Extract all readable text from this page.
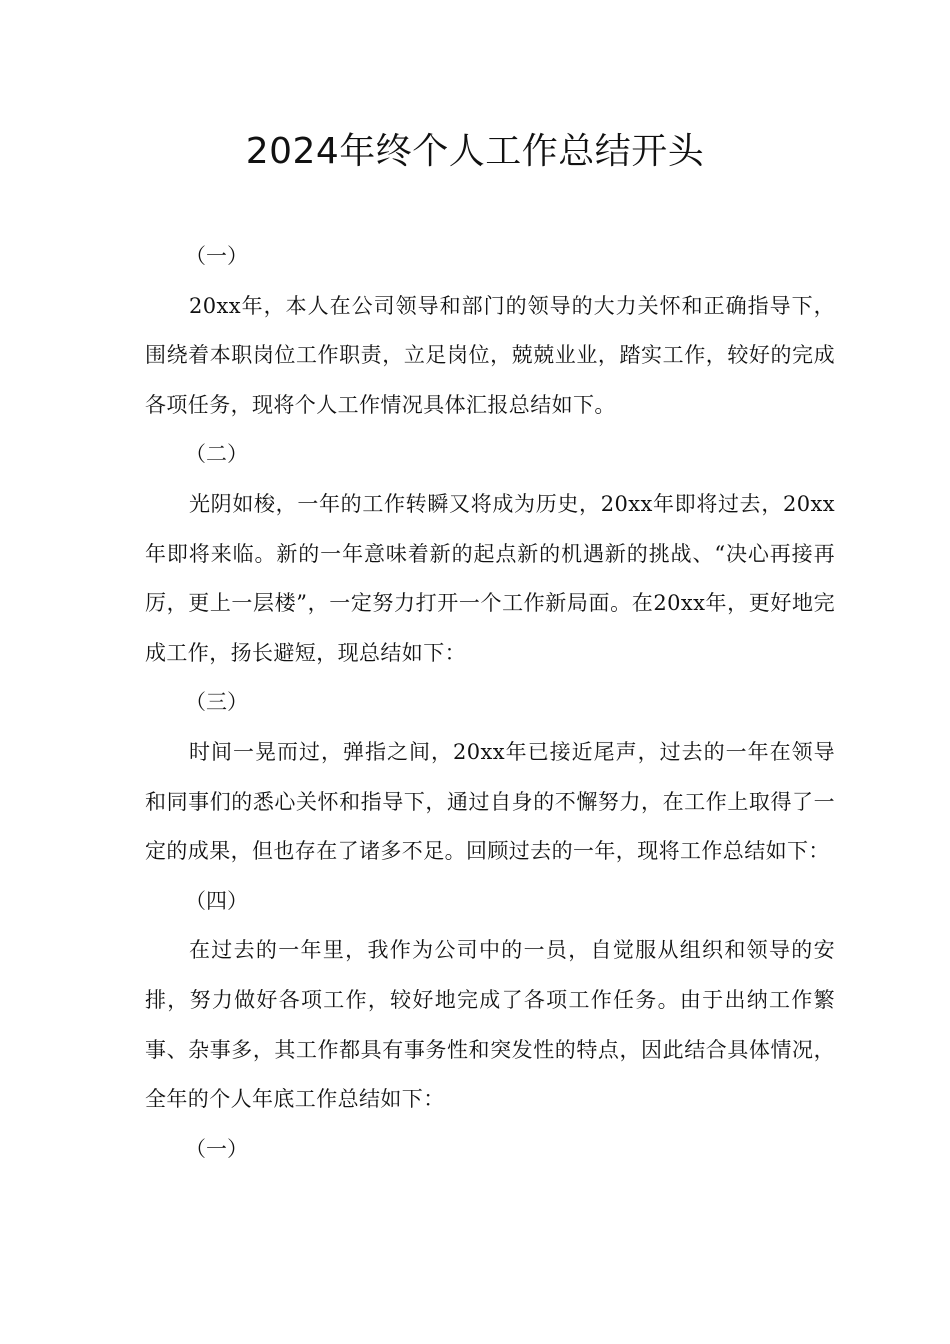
2024年终个人工作总结开头

（一）

20xx年，本人在公司领导和部门的领导的大力关怀和正确指导下，围绕着本职岗位工作职责，立足岗位，兢兢业业，踏实工作，较好的完成各项任务，现将个人工作情况具体汇报总结如下。

（二）

光阴如梭，一年的工作转瞬又将成为历史，20xx年即将过去，20xx年即将来临。新的一年意味着新的起点新的机遇新的挑战、“决心再接再厉，更上一层楼”，一定努力打开一个工作新局面。在20xx年，更好地完成工作，扬长避短，现总结如下：

（三）

时间一晃而过，弹指之间，20xx年已接近尾声，过去的一年在领导和同事们的悉心关怀和指导下，通过自身的不懈努力，在工作上取得了一定的成果，但也存在了诸多不足。回顾过去的一年，现将工作总结如下：

（四）

在过去的一年里，我作为公司中的一员，自觉服从组织和领导的安排，努力做好各项工作，较好地完成了各项工作任务。由于出纳工作繁事、杂事多，其工作都具有事务性和突发性的特点，因此结合具体情况，全年的个人年底工作总结如下：

（一）
